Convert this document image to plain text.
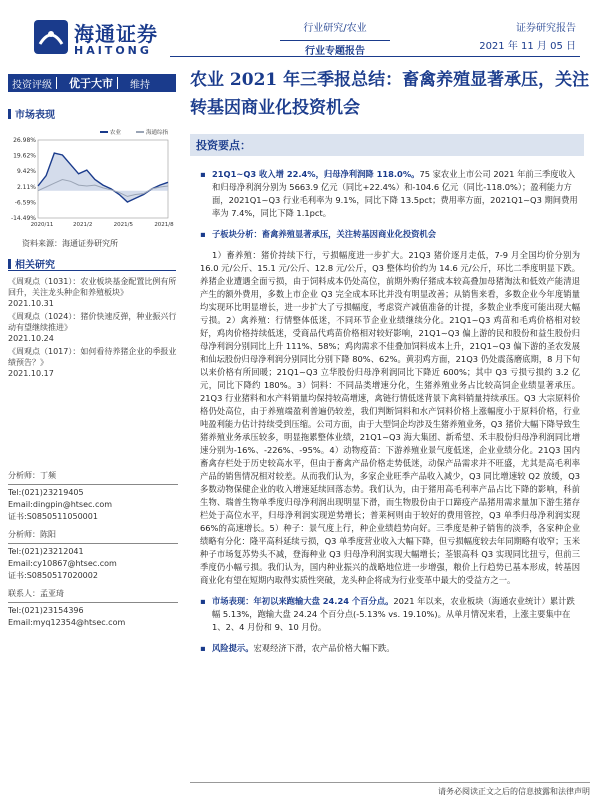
海通证券
HAITONG
行业研究/农业
行业专题报告
证券研究报告
2021 年 11 月 05 日
投资评级	优于大市	维持 农业 2021 年三季报总结：畜禽养殖显著承压，关注转基因商业化投资机会
市场表现
26.98%
19.62%
9.42%
2.11%
-6.59%
-14.49%
2020/11	2021/2	2021/5	2021/8
农业	海通综指
资料来源：海通证券研究所
相关研究
《周观点（1031）：农业板块基金配置比例有所回升，关注龙头种企和养殖板块》
2021.10.31
《周观点（1024）：猪价快速反弹，种业振兴行动有望继续推进》
2021.10.24
《周观点（1017）：如何看待养猪企业的季报业绩预告？》
2021.10.17
分析师：丁频
Tel:(021)23219405
Email:dingpin@htsec.com
证书:S0850511050001
分析师：陈阳
Tel:(021)23212041
Email:cy10867@htsec.com
证书:S0850517020002
联系人：孟亚琦
Tel:(021)23154396
Email:myq12354@htsec.com
投资要点：
▪ 21Q1~Q3 收入增 22.4%，归母净利润降 118.0%。75 家农业上市公司 2021 年前三季度收入和归母净利润分别为 5663.9 亿元（同比+22.4%）和-104.6 亿元（同比-118.0%）；盈利能力方面，2021Q1~Q3 行业毛利率为 9.1%，同比下降 13.5pct；费用率方面，2021Q1~Q3 期间费用率为 7.4%，同比下降 1.1pct。
▪ 子板块分析：畜禽养殖显著承压，关注转基因商业化投资机会
1）畜养殖：猪价持续下行，亏损幅度进一步扩大。21Q3 猪价逐月走低，7-9 月全国均价分别为 16.0 元/公斤、15.1 元/公斤、12.8 元/公斤，Q3 整体均价约为 14.6 元/公斤，环比二季度明显下跌。养猪企业遭遇全面亏损，由于饲料成本仍处高位，前期外购仔猪成本较高叠加母猪淘汰和低效产能清退产生的额外费用，多数上市企业 Q3 完全成本环比并没有明显改善；从销售来看，多数企业今年度销量均实现环比明显增长，进一步扩大了亏损幅度，考虑资产减值准备的计提，多数企业季度可能出现大幅亏损。2）禽养殖：行情整体低迷，不同环节企业业绩继续分化。21Q1~Q3 鸡苗和毛鸡价格相对较好，鸡肉价格持续低迷，受商品代鸡苗价格相对较好影响，21Q1~Q3 偏上游的民和股份和益生股份归母净利润分别同比上升 111%、58%；鸡肉需求不佳叠加饲料成本上升，21Q1~Q3 偏下游的圣农发展和仙坛股份归母净利润分别同比分别下降 80%、62%。黄羽鸡方面，21Q3 仍处震荡磨底期，8 月下旬以来价格有所回暖；21Q1~Q3 立华股份归母净利润同比下降近 600%；其中 Q3 亏损亏损约 3.2 亿元，同比下降约 180%。3）饲料：不同品类增速分化，生猪养殖业务占比较高饲企业绩显著承压。21Q3 行业猪料和水产料销量均保持较高增速，禽链行情低迷背景下禽料销量持续承压。Q3 大宗原料价格仍处高位，由于养殖端盈利普遍仍较差，我们判断饲料和水产饲料价格上涨幅度小于原料价格，行业吨盈利能力估计持续受到压缩。公司方面，由于大型饲企均涉及生猪养殖业务，Q3 猪价大幅下降导致生猪养殖业务承压较多，明显拖累整体业绩，21Q1~Q3 海大集团、新希望、禾丰股份归母净利润同比增速分别为-16%、-226%、-95%。4）动物疫苗：下游养殖业景气度低迷，企业业绩分化。21Q3 国内畜禽存栏处于历史较高水平，但由于畜禽产品价格走势低迷，动保产品需求并不旺盛，尤其是高毛利率产品的销售情况相对较差。从而我们认为，多家企业旺季产品收入减少，Q3 同比增速较 Q2 放缓，Q3 多数动物保健企业的收入增速延续回落态势。我们认为，由于猪用高毛利率产品占比下降的影响，科前生物、瑞普生物单季度归母净利润出现明显下滑，而生物股份由于口蹄疫产品猪用需求量加下游生猪存栏处于高位水平，归母净利润实现逆势增长；普莱柯则由于较好的费用管控，Q3 单季归母净利润实现 66%的高速增长。5）种子：景气度上行，种企业绩趋势向好。三季度是种子销售的淡季，各家种企业绩略有分化：隆平高科延续亏损，Q3 单季度营业收入大幅下降，但亏损幅度较去年同期略有收窄；玉米种子市场复苏势头不减，登海种业 Q3 归母净利润实现大幅增长；荃银高科 Q3 实现同比扭亏，但前三季度仍小幅亏损。我们认为，国内种业振兴的战略地位进一步增强，粮价上行趋势已基本形成，转基因商业化有望在短期内取得实质性突破，龙头种企将成为行业变革中最大的受益方之一。
▪ 市场表现：年初以来跑输大盘 24.24 个百分点。2021 年以来，农业板块（海通农业统计）累计跌幅 5.13%，跑输大盘 24.24 个百分点(-5.13% vs. 19.10%)。从单月情况来看，上涨主要集中在 1、2、4 月份和 9、10 月份。
▪ 风险提示。宏观经济下滑，农产品价格大幅下跌。
请务必阅读正文之后的信息披露和法律声明
